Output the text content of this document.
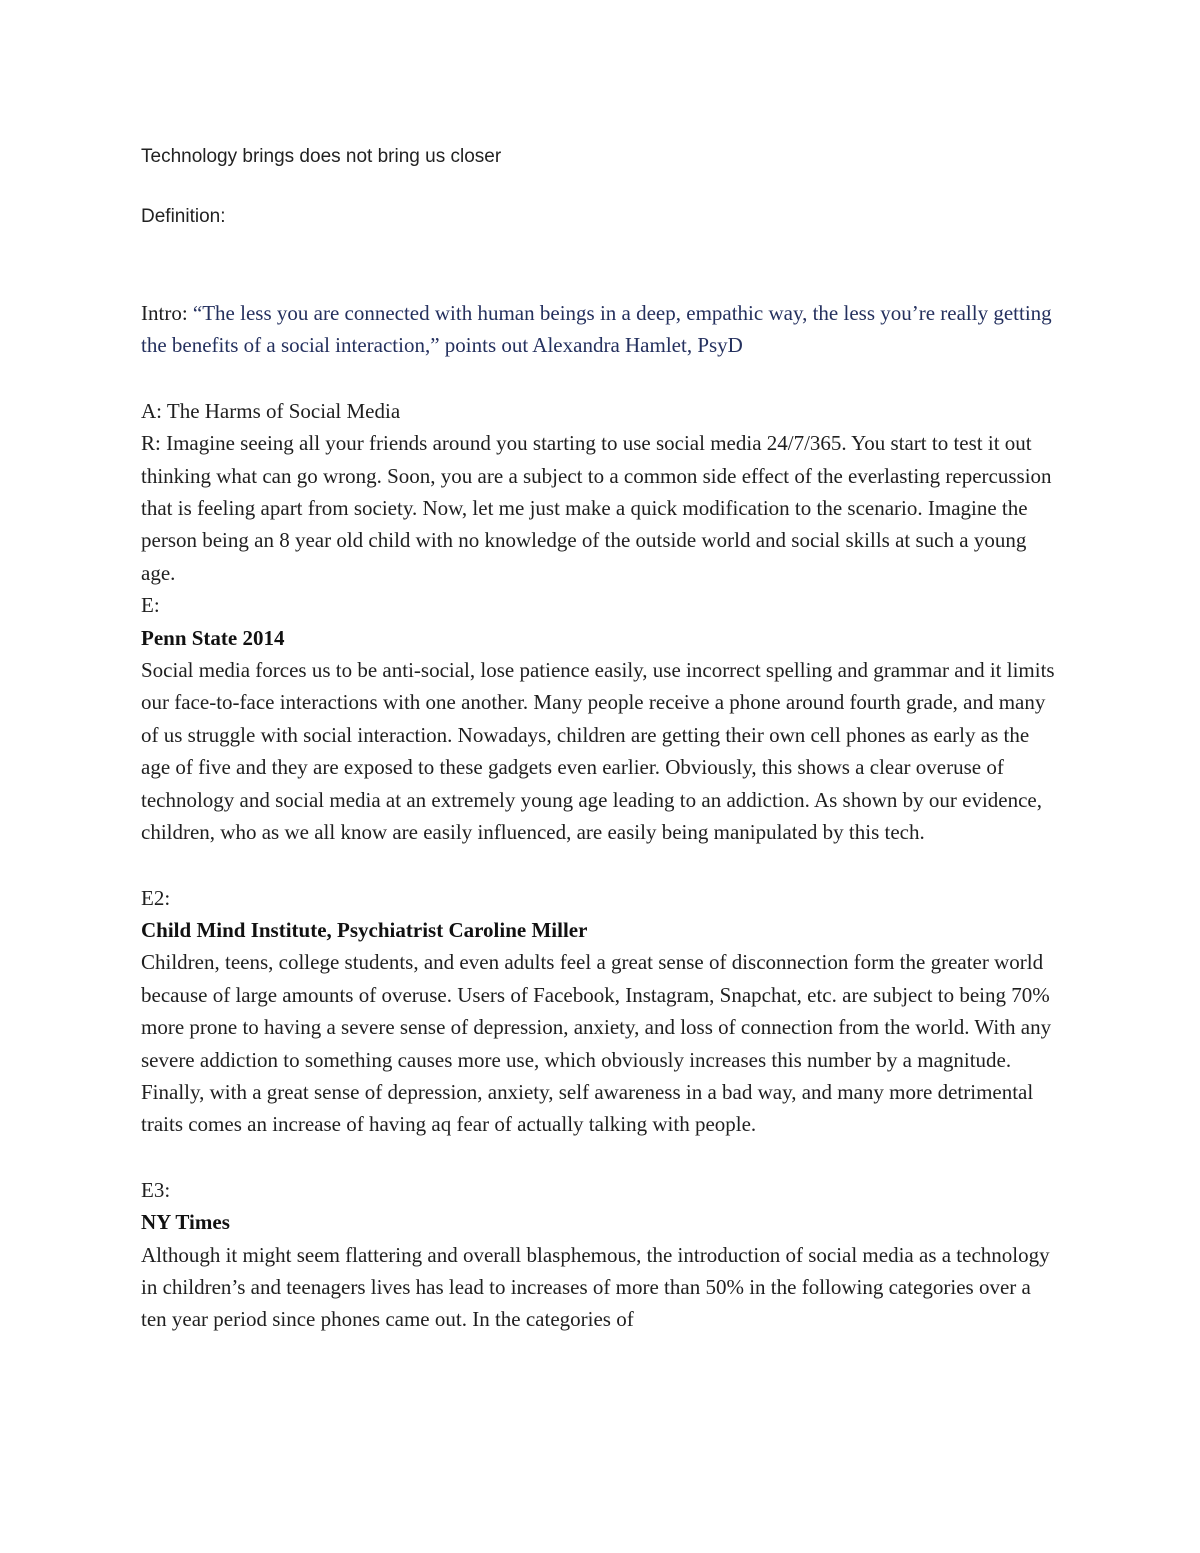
Technology brings does not bring us closer

Definition:

Intro: “The less you are connected with human beings in a deep, empathic way, the less you’re really getting the benefits of a social interaction,” points out Alexandra Hamlet, PsyD

A: The Harms of Social Media

R: Imagine seeing all your friends around you starting to use social media 24/7/365. You start to test it out thinking what can go wrong. Soon, you are a subject to a common side effect of the everlasting repercussion that is feeling apart from society. Now, let me just make a quick modification to the scenario. Imagine the person being an 8 year old child with no knowledge of the outside world and social skills at such a young age.

E:

Penn State 2014

Social media forces us to be anti-social, lose patience easily, use incorrect spelling and grammar and it limits our face-to-face interactions with one another. Many people receive a phone around fourth grade, and many of us struggle with social interaction. Nowadays, children are getting their own cell phones as early as the age of five and they are exposed to these gadgets even earlier. Obviously, this shows a clear overuse of technology and social media at an extremely young age leading to an addiction. As shown by our evidence, children, who as we all know are easily influenced, are easily being manipulated by this tech.

E2:

Child Mind Institute, Psychiatrist Caroline Miller

Children, teens, college students, and even adults feel a great sense of disconnection form the greater world because of large amounts of overuse. Users of Facebook, Instagram, Snapchat, etc. are subject to being 70% more prone to having a severe sense of depression, anxiety, and loss of connection from the world. With any severe addiction to something causes more use, which obviously increases this number by a magnitude. Finally, with a great sense of depression, anxiety, self awareness in a bad way, and many more detrimental traits comes an increase of having aq fear of actually talking with people.

E3:

NY Times

Although it might seem flattering and overall blasphemous, the introduction of social media as a technology in children’s and teenagers lives has lead to increases of more than 50% in the following categories over a ten year period since phones came out. In the categories of
